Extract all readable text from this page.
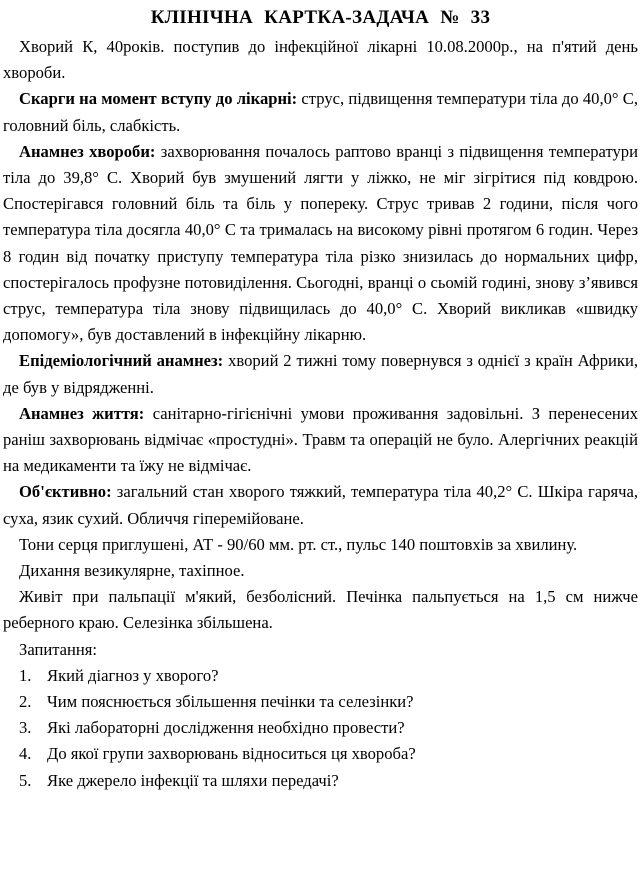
КЛІНІЧНА КАРТКА-ЗАДАЧА № 33

Хворий К, 40років. поступив до інфекційної лікарні 10.08.2000р., на п'ятий день хвороби.

Скарги на момент вступу до лікарні: струс, підвищення температури тіла до 40,0° С, головний біль, слабкість.

Анамнез хвороби: захворювання почалось раптово вранці з підвищення температури тіла до 39,8° С. Хворий був змушений лягти у ліжко, не міг зігрітися під ковдрою. Спостерігався головний біль та біль у попереку. Струс тривав 2 години, після чого температура тіла досягла 40,0° С та трималась на високому рівні протягом 6 годин. Через 8 годин від початку приступу температура тіла різко знизилась до нормальних цифр, спостерігалось профузне потовиділення. Сьогодні, вранці о сьомій годині, знову з’явився струс, температура тіла знову підвищилась до 40,0° С. Хворий викликав «швидку допомогу», був доставлений в інфекційну лікарню.

Епідеміологічний анамнез: хворий 2 тижні тому повернувся з однієї з країн Африки, де був у відрядженні.

Анамнез життя: санітарно-гігієнічні умови проживання задовільні. З перенесених раніш захворювань відмічає «простудні». Травм та операцій не було. Алергічних реакцій на медикаменти та їжу не відмічає.

Об'єктивно: загальний стан хворого тяжкий, температура тіла 40,2° С. Шкіра гаряча, суха, язик сухий. Обличчя гіперемійоване.

Тони серця приглушені, АТ - 90/60 мм. рт. ст., пульс 140 поштовхів за хвилину.

Дихання везикулярне, тахіпное.

Живіт при пальпації м'який, безболісний. Печінка пальпується на 1,5 см нижче реберного краю. Селезінка збільшена.

Запитання:
1. Який діагноз у хворого?
2. Чим пояснюється збільшення печінки та селезінки?
3. Які лабораторні дослідження необхідно провести?
4. До якої групи захворювань відноситься ця хвороба?
5. Яке джерело інфекції та шляхи передачі?
